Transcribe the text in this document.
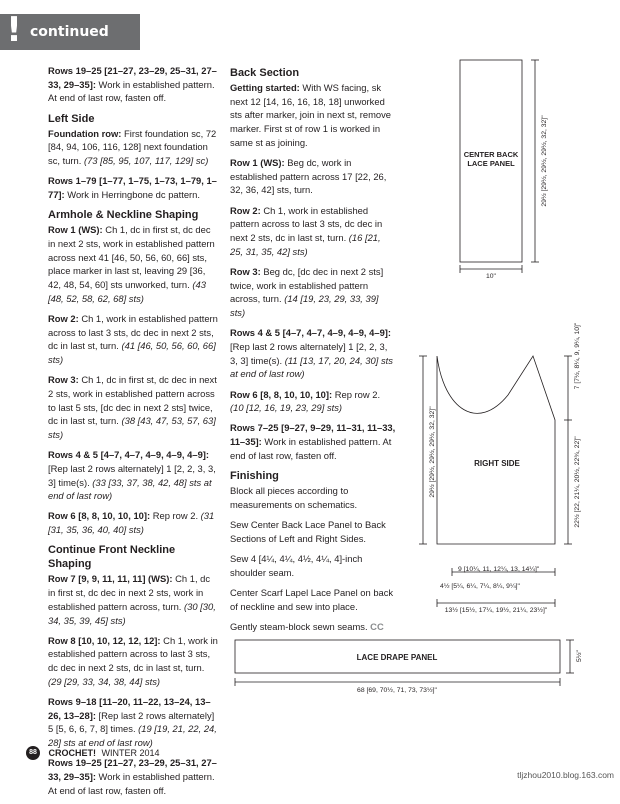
! continued

Rows 19–25 [21–27, 23–29, 25–31, 27–33, 29–35]: Work in established pattern. At end of last row, fasten off.

Left Side

Foundation row: First foundation sc, 72 [84, 94, 106, 116, 128] next foundation sc, turn. (73 [85, 95, 107, 117, 129] sc)

Rows 1–79 [1–77, 1–75, 1–73, 1–79, 1–77]: Work in Herringbone dc pattern.

Armhole & Neckline Shaping

Row 1 (WS): Ch 1, dc in first st, dc dec in next 2 sts, work in established pattern across next 41 [46, 50, 56, 60, 66] sts, place marker in last st, leaving 29 [36, 42, 48, 54, 60] sts unworked, turn. (43 [48, 52, 58, 62, 68] sts)

Row 2: Ch 1, work in established pattern across to last 3 sts, dc dec in next 2 sts, dc in last st, turn. (41 [46, 50, 56, 60, 66] sts)

Row 3: Ch 1, dc in first st, dc dec in next 2 sts, work in established pattern across to last 5 sts, [dc dec in next 2 sts] twice, dc in last st, turn. (38 [43, 47, 53, 57, 63] sts)

Rows 4 & 5 [4–7, 4–7, 4–9, 4–9, 4–9]: [Rep last 2 rows alternately] 1 [2, 2, 3, 3, 3] time(s). (33 [33, 37, 38, 42, 48] sts at end of last row)

Row 6 [8, 8, 10, 10, 10]: Rep row 2. (31 [31, 35, 36, 40, 40] sts)

Continue Front Neckline Shaping

Row 7 [9, 9, 11, 11, 11] (WS): Ch 1, dc in first st, dc dec in next 2 sts, work in established pattern across, turn. (30 [30, 34, 35, 39, 45] sts)

Row 8 [10, 10, 12, 12, 12]: Ch 1, work in established pattern across to last 3 sts, dc dec in next 2 sts, dc in last st, turn. (29 [29, 33, 34, 38, 44] sts)

Rows 9–18 [11–20, 11–22, 13–24, 13–26, 13–28]: [Rep last 2 rows alternately] 5 [5, 6, 6, 7, 8] times. (19 [19, 21, 22, 24, 28] sts at end of last row)

Rows 19–25 [21–27, 23–29, 25–31, 27–33, 29–35]: Work in established pattern. At end of last row, fasten off.

Back Section

Getting started: With WS facing, sk next 12 [14, 16, 16, 18, 18] unworked sts after marker, join in next st, remove marker. First st of row 1 is worked in same st as joining.

Row 1 (WS): Beg dc, work in established pattern across 17 [22, 26, 32, 36, 42] sts, turn.

Row 2: Ch 1, work in established pattern across to last 3 sts, dc dec in next 2 sts, dc in last st, turn. (16 [21, 25, 31, 35, 42] sts)

Row 3: Beg dc, [dc dec in next 2 sts] twice, work in established pattern across, turn. (14 [19, 23, 29, 33, 39] sts)

Rows 4 & 5 [4–7, 4–7, 4–9, 4–9, 4–9]: [Rep last 2 rows alternately] 1 [2, 2, 3, 3, 3] time(s). (11 [13, 17, 20, 24, 30] sts at end of last row)

Row 6 [8, 8, 10, 10, 10]: Rep row 2. (10 [12, 16, 19, 23, 29] sts)

Rows 7–25 [9–27, 9–29, 11–31, 11–33, 11–35]: Work in established pattern. At end of last row, fasten off.

Finishing

Block all pieces according to measurements on schematics.

Sew Center Back Lace Panel to Back Sections of Left and Right Sides.

Sew 4 [4¼, 4¼, 4½, 4¼, 4]-inch shoulder seam.

Center Scarf Lapel Lace Panel on back of neckline and sew into place.

Gently steam-block sewn seams. CC

CENTER BACK
LACE PANEL	29½ [29½, 29½, 29½, 32, 32]"
10"
RIGHT SIDE
29½ [29½, 29½, 29½, 32, 32]"
7 [7½, 8¼, 9, 9¼, 10]"
22½ [22, 21¼, 20½, 22¾, 22]"
9 [10¼, 11, 12¼, 13, 14¼]"
4½ [5¼, 6¼, 7¼, 8¼, 9¼]"
13½ [15½, 17¼, 19½, 21¼, 23½]"
LACE DRAPE PANEL
68 [69, 70½, 71, 73, 73½]"
5½"
88 CROCHET! WINTER 2014
tljzhou2010.blog.163.com
